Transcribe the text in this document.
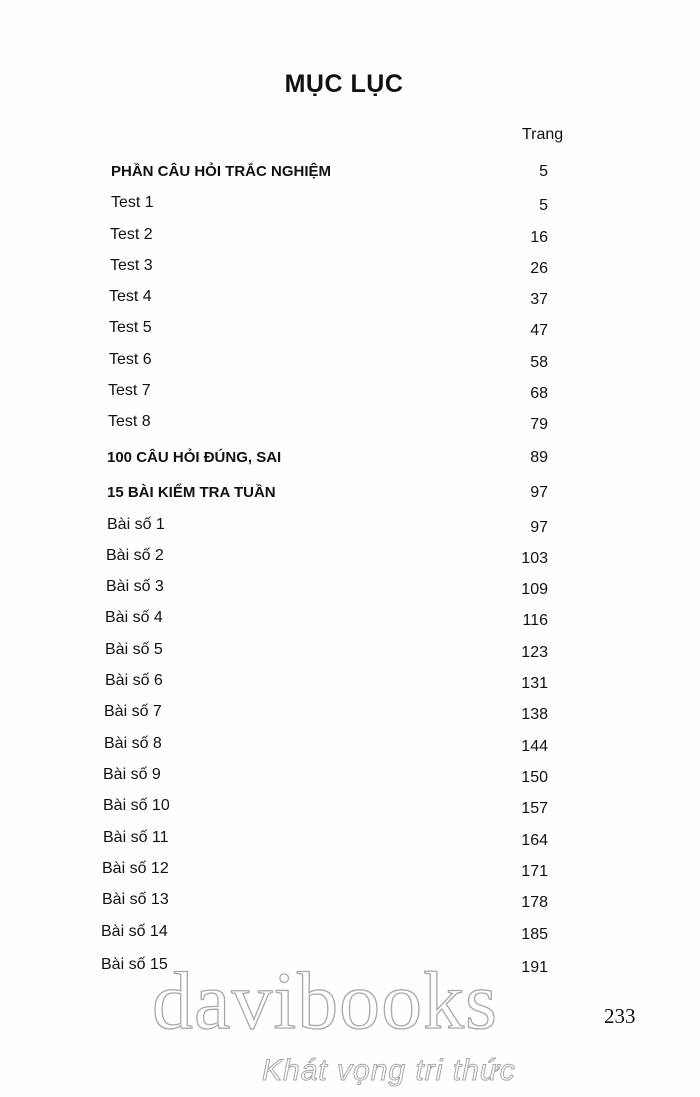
MỤC LỤC
Trang
PHẦN CÂU HỎI TRẮC NGHIỆM	5
Test 1	5
Test 2	16
Test 3	26
Test 4	37
Test 5	47
Test 6	58
Test 7	68
Test 8	79
100 CÂU HỎI ĐÚNG, SAI	89
15 BÀI KIỂM TRA TUẦN	97
Bài số 1	97
Bài số 2	103
Bài số 3	109
Bài số 4	116
Bài số 5	123
Bài số 6	131
Bài số 7	138
Bài số 8	144
Bài số 9	150
Bài số 10	157
Bài số 11	164
Bài số 12	171
Bài số 13	178
Bài số 14	185
Bài số 15	191
233
davibooks
Khát vọng tri thức
